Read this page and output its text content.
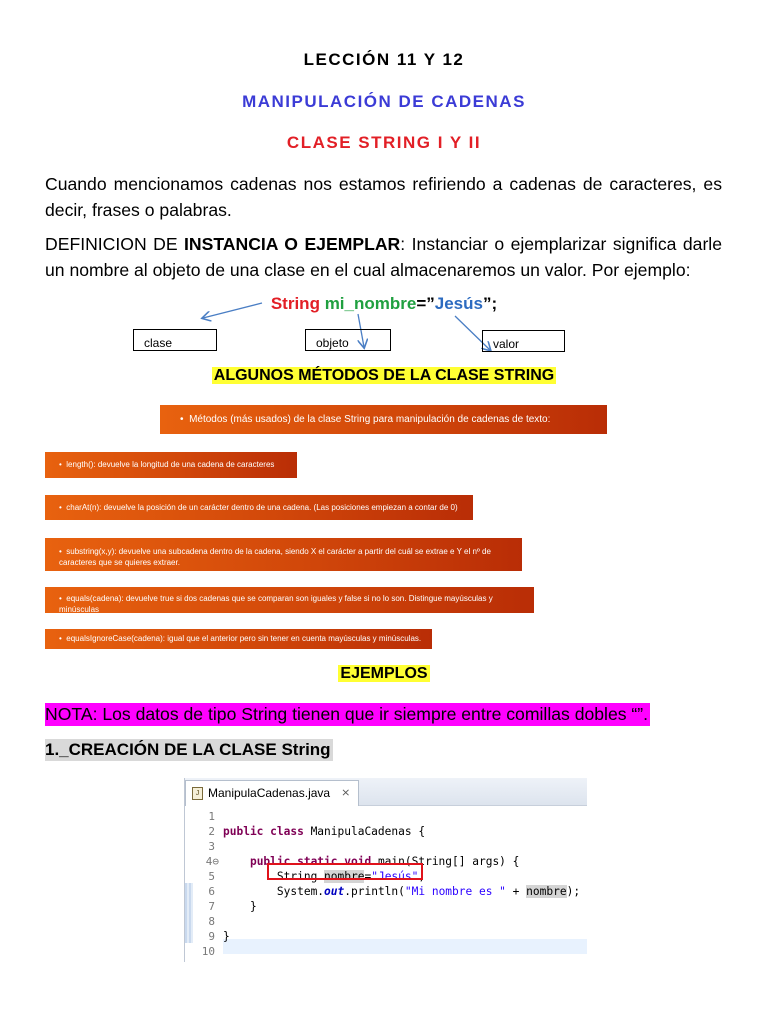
LECCIÓN 11 Y 12
MANIPULACIÓN DE CADENAS
CLASE STRING I Y II
Cuando mencionamos cadenas nos estamos refiriendo a cadenas de caracteres, es decir, frases o palabras.
DEFINICION DE INSTANCIA O EJEMPLAR: Instanciar o ejemplarizar significa darle un nombre al objeto de una clase en el cual almacenaremos un valor. Por ejemplo:
String mi_nombre=”Jesús”;
clase	objeto	valor
ALGUNOS MÉTODOS DE LA CLASE STRING
• Métodos (más usados) de la clase String para manipulación de cadenas de texto:
• length(): devuelve la longitud de una cadena de caracteres
• charAt(n): devuelve la posición de un carácter dentro de una cadena. (Las posiciones empiezan a contar de 0)
• substring(x,y): devuelve una subcadena dentro de la cadena, siendo X el carácter a partir del cuál se extrae e Y el nº de caracteres que se quieres extraer.
• equals(cadena): devuelve true si dos cadenas que se comparan son iguales y false si no lo son. Distingue mayúsculas y minúsculas
• equalsIgnoreCase(cadena): igual que el anterior pero sin tener en cuenta mayúsculas y minúsculas.
EJEMPLOS
NOTA: Los datos de tipo String tienen que ir siempre entre comillas dobles “”.
1._CREACIÓN DE LA CLASE String
J ManipulaCadenas.java ⨯
1
2
3
4⊖
5
6
7
8
9
10
public class ManipulaCadenas {
public static void main(String[] args) {
String nombre="Jesús";
System.out.println("Mi nombre es " + nombre);
}
}
